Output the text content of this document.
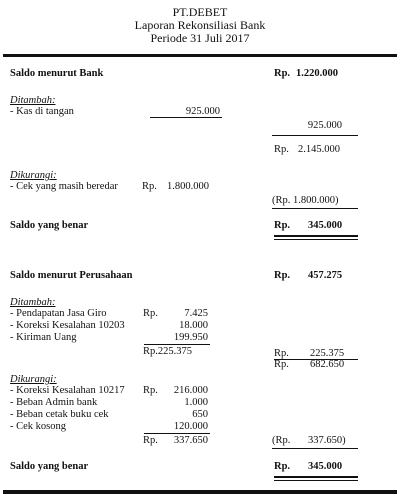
PT.DEBET
Laporan Rekonsiliasi Bank
Periode 31 Juli 2017
Saldo menurut Bank	Rp. 1.220.000
Ditambah:
- Kas di tangan	925.000
925.000
Rp. 2.145.000
Dikurangi:
- Cek yang masih beredar Rp. 1.800.000
(Rp. 1.800.000)
Saldo yang benar	Rp. 345.000
Saldo menurut Perusahaan	Rp. 457.275
Ditambah:
- Pendapatan Jasa Giro	Rp.	7.425
- Koreksi Kesalahan 10203	18.000
- Kiriman Uang	199.950
Rp.225.375	Rp. 225.375
Rp. 682.650
Dikurangi:
- Koreksi Kesalahan 10217 Rp.	216.000
- Beban Admin bank	1.000
- Beban cetak buku cek	650
- Cek kosong	120.000
Rp.	337.650	(Rp. 337.650)
Saldo yang benar	Rp. 345.000
